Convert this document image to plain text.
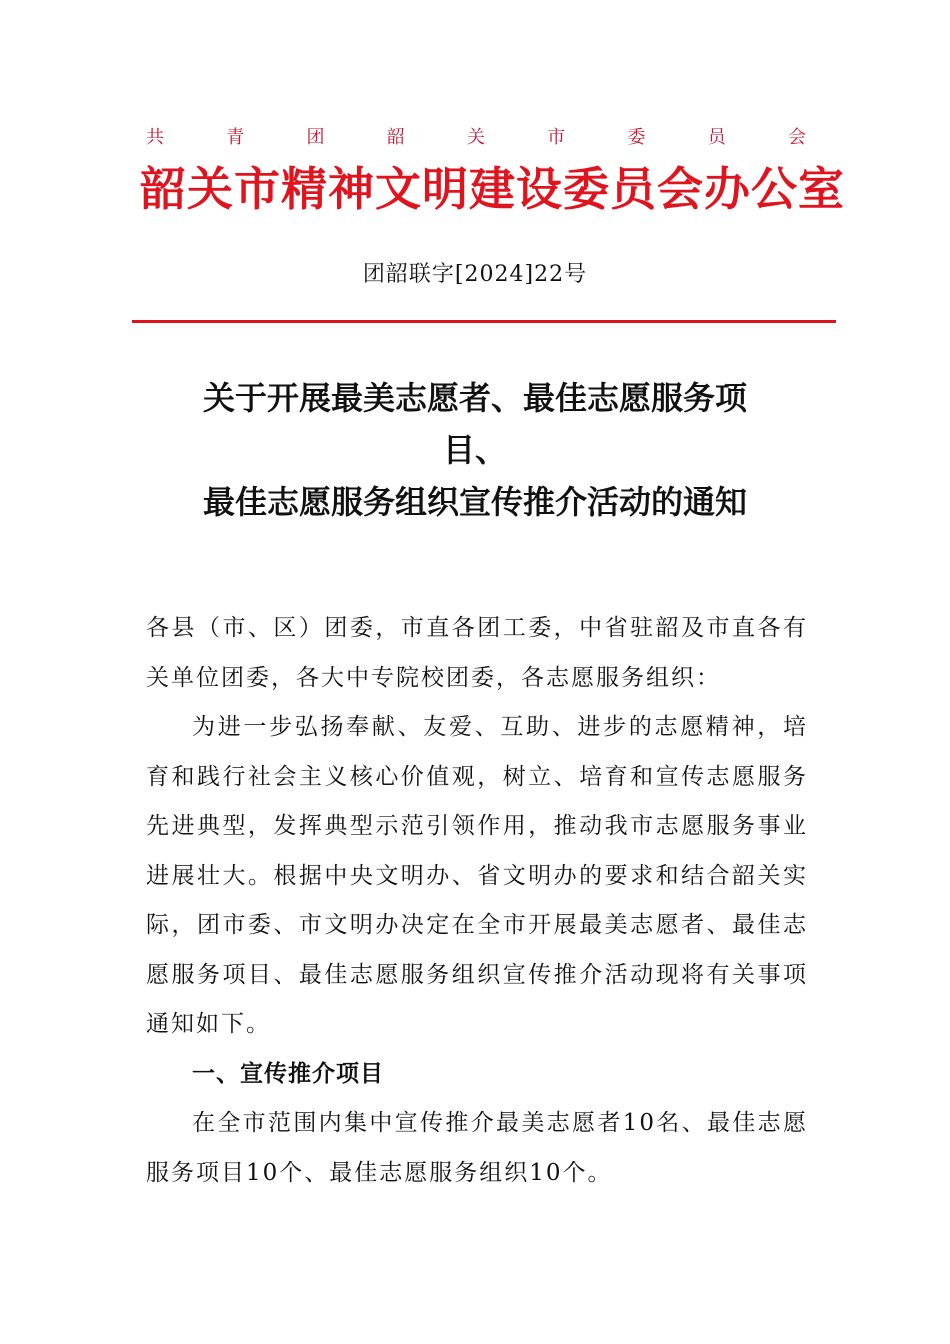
共	青	团	韶	关	市	委	员	会
韶关市精神文明建设委员会办公室
团韶联字[2024]22号
关于开展最美志愿者、最佳志愿服务项
目、
最佳志愿服务组织宣传推介活动的通知

各县（市、区）团委，市直各团工委，中省驻韶及市直各有关单位团委，各大中专院校团委，各志愿服务组织：

为进一步弘扬奉献、友爱、互助、进步的志愿精神，培育和践行社会主义核心价值观，树立、培育和宣传志愿服务先进典型，发挥典型示范引领作用，推动我市志愿服务事业进展壮大。根据中央文明办、省文明办的要求和结合韶关实际，团市委、市文明办决定在全市开展最美志愿者、最佳志愿服务项目、最佳志愿服务组织宣传推介活动现将有关事项通知如下。

一、宣传推介项目

在全市范围内集中宣传推介最美志愿者10名、最佳志愿服务项目10个、最佳志愿服务组织10个。
